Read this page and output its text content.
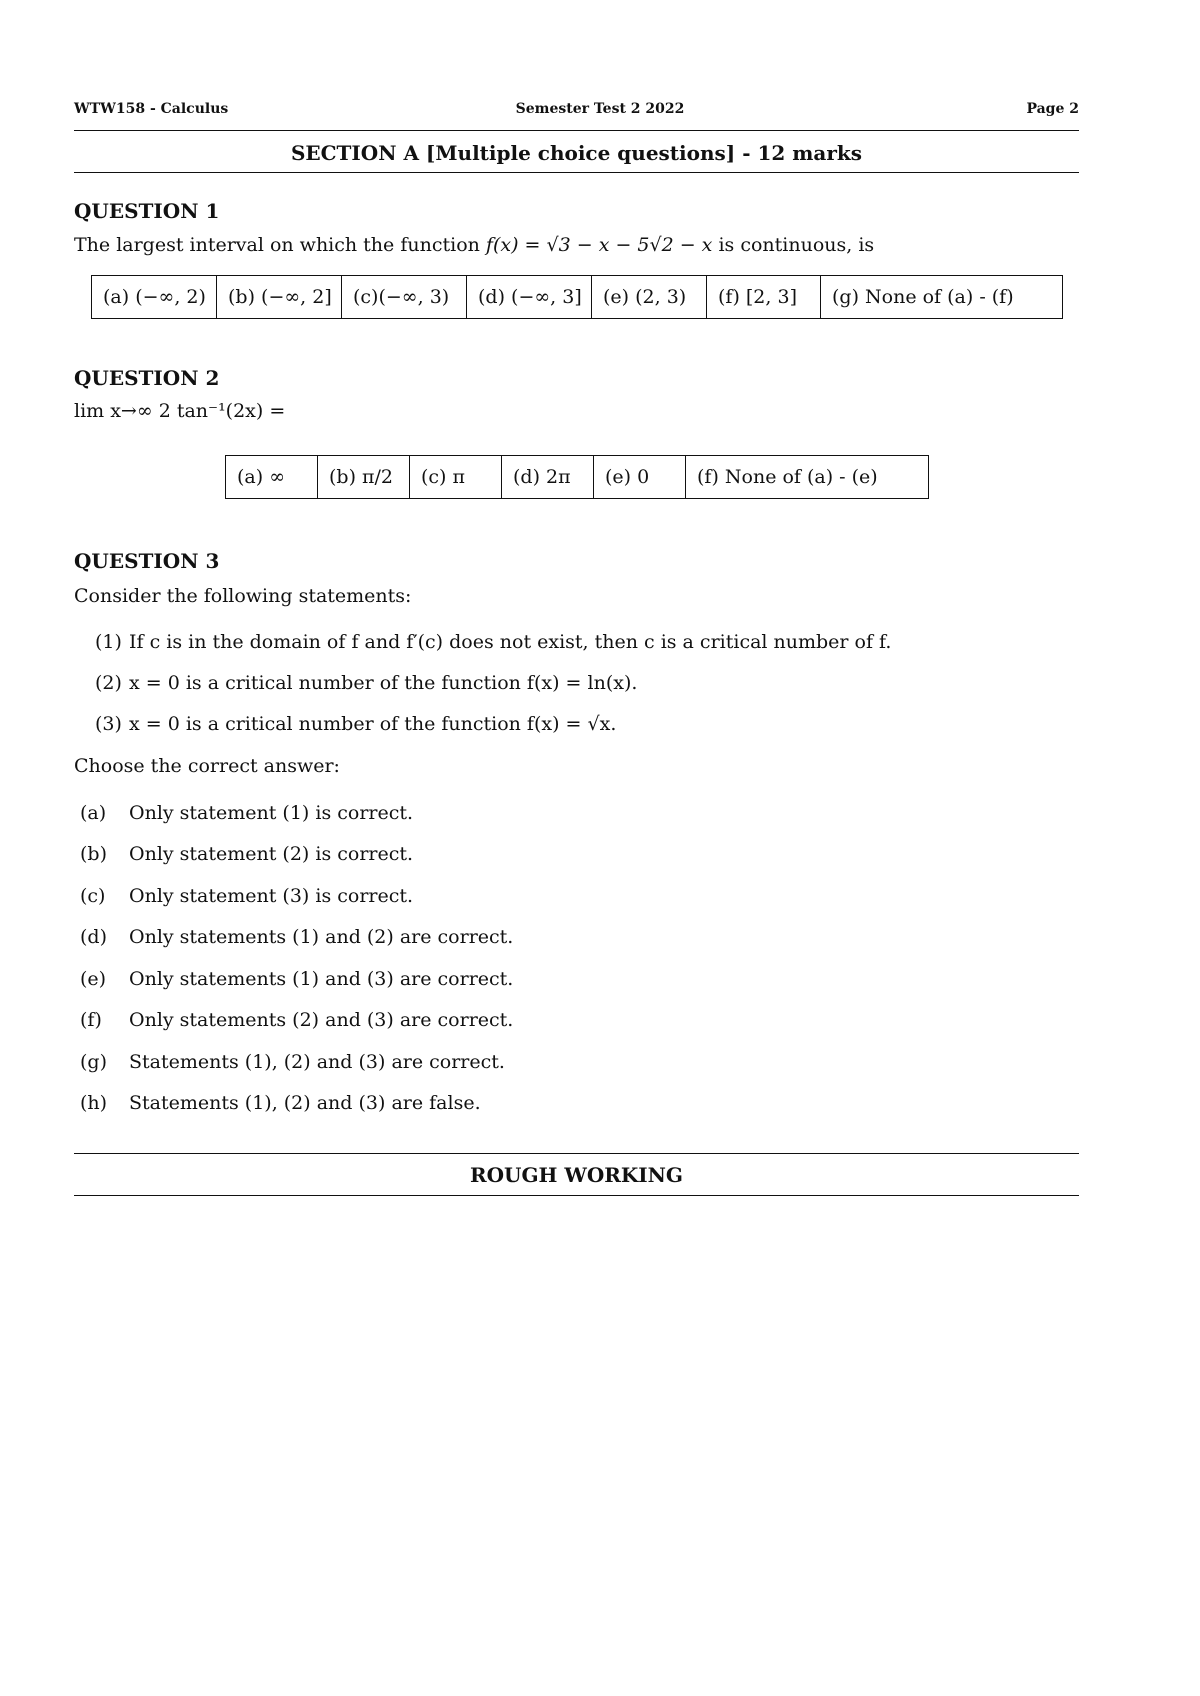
WTW158 - Calculus	Semester Test 2 2022	Page 2
SECTION A [Multiple choice questions] - 12 marks
QUESTION 1
The largest interval on which the function f(x) = √3 − x − 5√2 − x is continuous, is
(a) (−∞, 2)	(b) (−∞, 2]	(c)(−∞, 3)	(d) (−∞, 3]	(e) (2, 3)	(f) [2, 3]	(g) None of (a) - (f)
QUESTION 2
lim x→∞ 2 tan⁻¹(2x) =
(a) ∞	(b) π/2	(c) π	(d) 2π	(e) 0	(f) None of (a) - (e)
QUESTION 3
Consider the following statements:
(1) If c is in the domain of f and f′(c) does not exist, then c is a critical number of f.
(2) x = 0 is a critical number of the function f(x) = ln(x).
(3) x = 0 is a critical number of the function f(x) = √x.
Choose the correct answer:
(a) Only statement (1) is correct.
(b) Only statement (2) is correct.
(c) Only statement (3) is correct.
(d) Only statements (1) and (2) are correct.
(e) Only statements (1) and (3) are correct.
(f) Only statements (2) and (3) are correct.
(g) Statements (1), (2) and (3) are correct.
(h) Statements (1), (2) and (3) are false.
ROUGH WORKING
